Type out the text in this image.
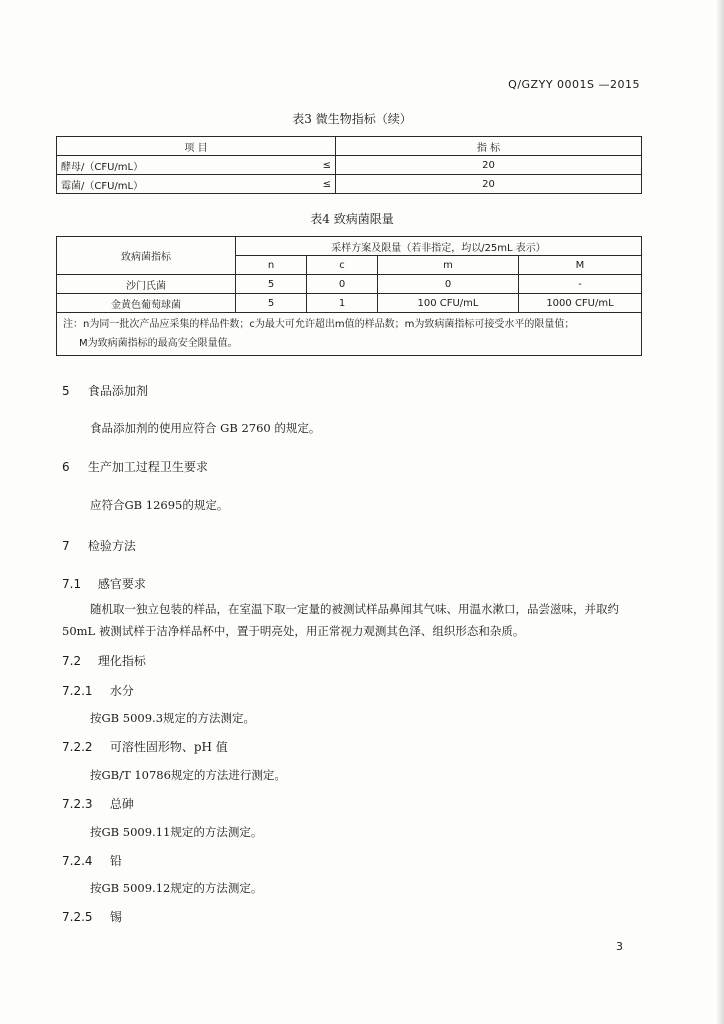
Q/GZYY 0001S —2015
表3 微生物指标（续）
项 目		指 标
酵母/（CFU/mL）	≤	20
霉菌/（CFU/mL）	≤	20
表4 致病菌限量
致病菌指标	采样方案及限量（若非指定，均以/25mL 表示）			
	n	c	m	M
沙门氏菌	5	0	0	-
金黄色葡萄球菌	5	1	100 CFU/mL	1000 CFU/mL

注：n为同一批次产品应采集的样品件数；c为最大可允许超出m值的样品数；m为致病菌指标可接受水平的限量值；
M为致病菌指标的最高安全限量值。				
5 食品添加剂
食品添加剂的使用应符合 GB 2760 的规定。
6 生产加工过程卫生要求
应符合GB 12695的规定。
7 检验方法
7.1 感官要求
随机取一独立包装的样品，在室温下取一定量的被测试样品鼻闻其气味、用温水漱口，品尝滋味，并取约 50mL 被测试样于洁净样品杯中，置于明亮处，用正常视力观测其色泽、组织形态和杂质。
7.2 理化指标
7.2.1 水分
按GB 5009.3规定的方法测定。
7.2.2 可溶性固形物、pH 值
按GB/T 10786规定的方法进行测定。
7.2.3 总砷
按GB 5009.11规定的方法测定。
7.2.4 铅
按GB 5009.12规定的方法测定。
7.2.5 锡
3
